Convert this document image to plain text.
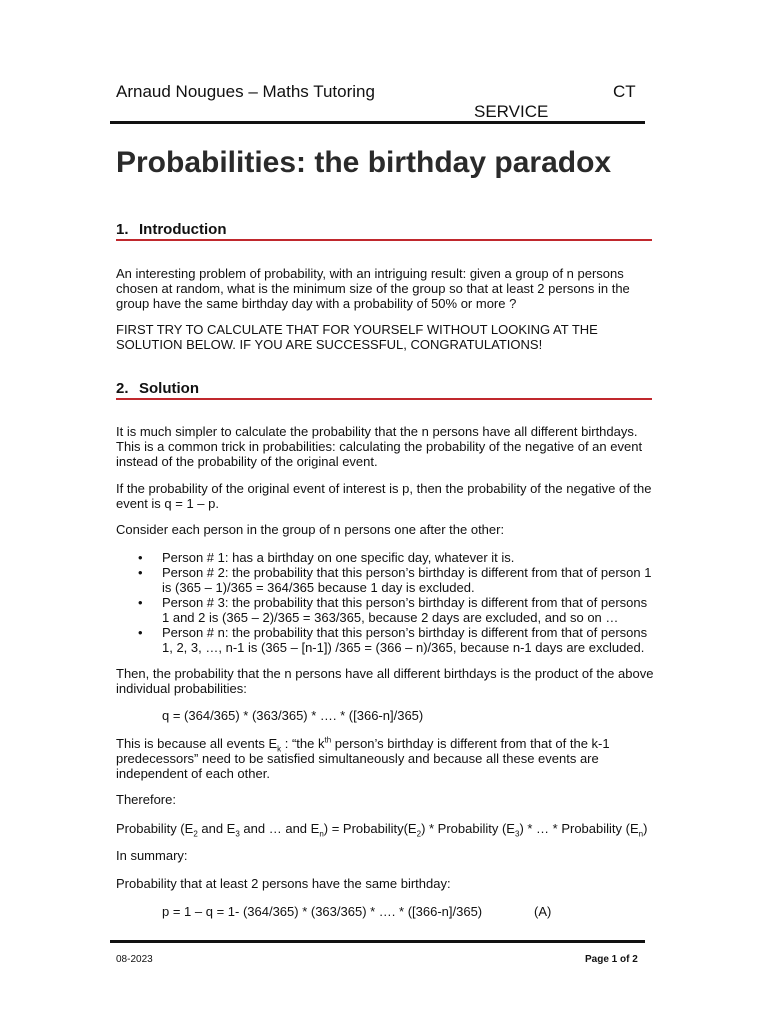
Arnaud Nougues – Maths Tutoring	CT
SERVICE
Probabilities: the birthday paradox
1. Introduction

An interesting problem of probability, with an intriguing result: given a group of n persons chosen at random, what is the minimum size of the group so that at least 2 persons in the group have the same birthday day with a probability of 50% or more ?

FIRST TRY TO CALCULATE THAT FOR YOURSELF WITHOUT LOOKING AT THE SOLUTION BELOW. IF YOU ARE SUCCESSFUL, CONGRATULATIONS!

2. Solution

It is much simpler to calculate the probability that the n persons have all different birthdays. This is a common trick in probabilities: calculating the probability of the negative of an event instead of the probability of the original event.

If the probability of the original event of interest is p, then the probability of the negative of the event is q = 1 – p.

Consider each person in the group of n persons one after the other:

• Person # 1: has a birthday on one specific day, whatever it is.
• Person # 2: the probability that this person’s birthday is different from that of person 1 is (365 – 1)/365 = 364/365 because 1 day is excluded.
• Person # 3: the probability that this person’s birthday is different from that of persons 1 and 2 is (365 – 2)/365 = 363/365, because 2 days are excluded, and so on …
• Person # n: the probability that this person’s birthday is different from that of persons 1, 2, 3, …, n-1 is (365 – [n-1]) /365 = (366 – n)/365, because n-1 days are excluded.

Then, the probability that the n persons have all different birthdays is the product of the above individual probabilities:

q = (364/365) * (363/365) * …. * ([366-n]/365)

This is because all events $E_k$ : “the $k^{th}$ person’s birthday is different from that of the k-1 predecessors” need to be satisfied simultaneously and because all these events are independent of each other.

Therefore:

Probability ($E_2$ and $E_3$ and … and $E_n$) = $Probability(E_2)$ * Probability $(E_3)$ * … * Probability $(E_n)$

In summary:

Probability that at least 2 persons have the same birthday:

p = 1 – q = 1- (364/365) * (363/365) * …. * ([366-n]/365)	(A)
08-2023	Page 1 of 2
